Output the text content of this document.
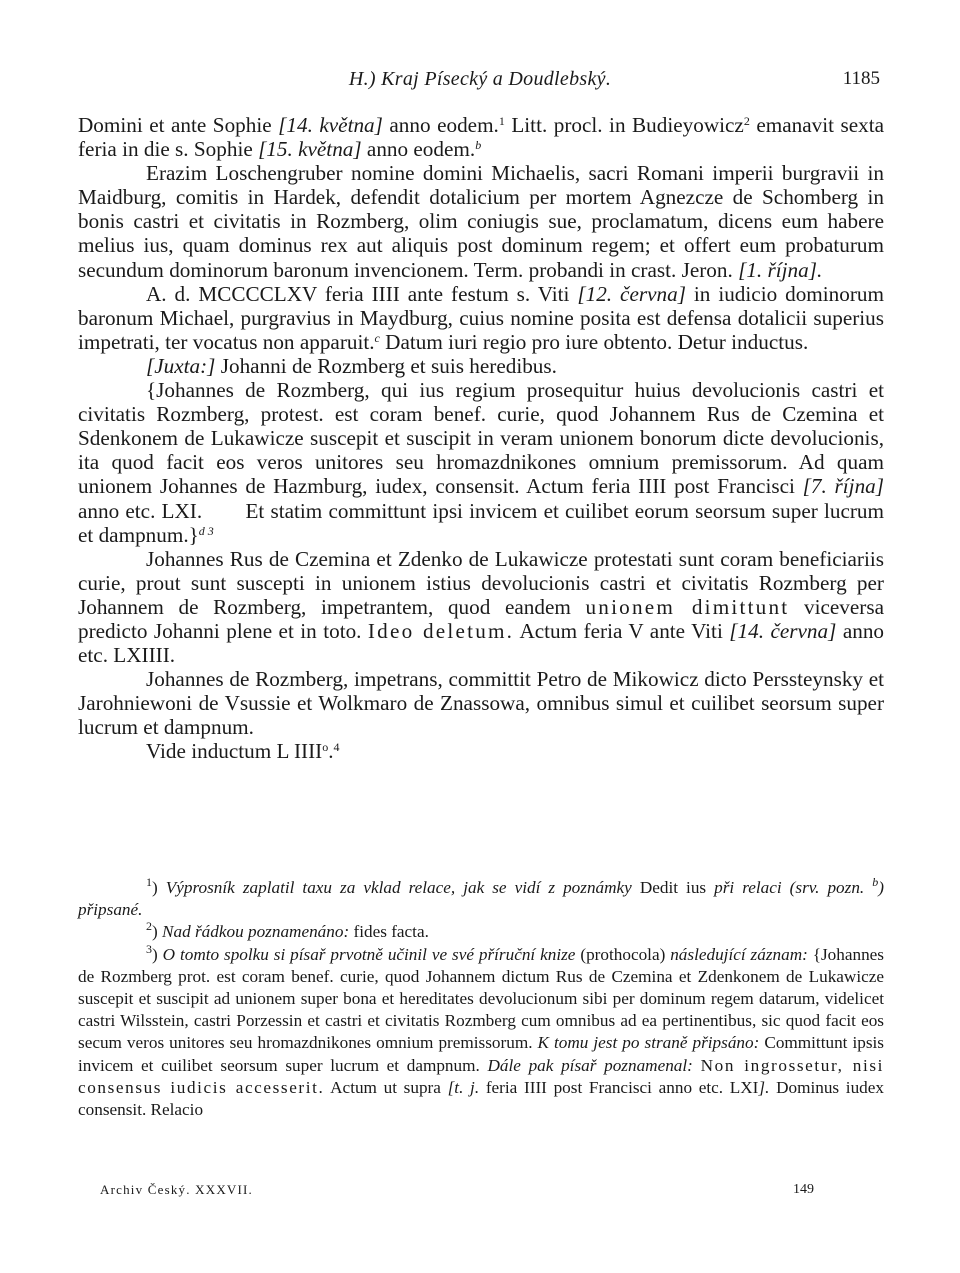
H.) Kraj Písecký a Doudlebský.	1185

Domini et ante Sophie [14. května] anno eodem.$^1$ Litt. procl. in Budieyowicz$^2$ emanavit sexta feria in die s. Sophie [15. května] anno eodem.$^b$

Erazim Loschengruber nomine domini Michaelis, sacri Romani imperii burgravii in Maidburg, comitis in Hardek, defendit dotalicium per mortem Agnezcze de Schomberg in bonis castri et civitatis in Rozmberg, olim coniugis sue, proclamatum, dicens eum habere melius ius, quam dominus rex aut aliquis post dominum regem; et offert eum probaturum secundum dominorum baronum invencionem. Term. probandi in crast. Jeron. [1. října].

A. d. MCCCCLXV feria IIII ante festum s. Viti [12. června] in iudicio dominorum baronum Michael, purgravius in Maydburg, cuius nomine posita est defensa dotalicii superius impetrati, ter vocatus non apparuit.$^c$ Datum iuri regio pro iure obtento. Detur inductus.

[Juxta:] Johanni de Rozmberg et suis heredibus.

{Johannes de Rozmberg, qui ius regium prosequitur huius devolucionis castri et civitatis Rozmberg, protest. est coram benef. curie, quod Johannem Rus de Czemina et Sdenkonem de Lukawicze suscepit et suscipit in veram unionem bonorum dicte devolucionis, ita quod facit eos veros unitores seu hromazdnikones omnium premissorum. Ad quam unionem Johannes de Hazmburg, iudex, consensit. Actum feria IIII post Francisci [7. října] anno etc. LXI.       Et statim committunt ipsi invicem et cuilibet eorum seorsum super lucrum et dampnum.}$^{d 3}$

Johannes Rus de Czemina et Zdenko de Lukawicze protestati sunt coram beneficiariis curie, prout sunt suscepti in unionem istius devolucionis castri et civitatis Rozmberg per Johannem de Rozmberg, impetrantem, quod eandem unionem dimittunt viceversa predicto Johanni plene et in toto. Ideo deletum. Actum feria V ante Viti [14. června] anno etc. LXIIII.

Johannes de Rozmberg, impetrans, committit Petro de Mikowicz dicto Perssteynsky et Jarohniewoni de Vsussie et Wolkmaro de Znassowa, omnibus simul et cuilibet seorsum super lucrum et dampnum.

Vide inductum L IIII$^o$.$^4$

$^1$) Výprosník zaplatil taxu za vklad relace, jak se vidí z poznámky Dedit ius při relaci (srv. pozn. $^b$) připsané.

$^2$) Nad řádkou poznamenáno: fides facta.

$^3$) O tomto spolku si písař prvotně učinil ve své příruční knize (prothocola) následující záznam: {Johannes de Rozmberg prot. est coram benef. curie, quod Johannem dictum Rus de Czemina et Zdenkonem de Lukawicze suscepit et suscipit ad unionem super bona et hereditates devolucionum sibi per dominum regem datarum, videlicet castri Wilsstein, castri Porzessin et castri et civitatis Rozmberg cum omnibus ad ea pertinentibus, sic quod facit eos secum veros unitores seu hromazdnikones omnium premissorum. K tomu jest po straně připsáno: Committunt ipsis invicem et cuilibet seorsum super lucrum et dampnum. Dále pak písař poznamenal: Non ingrossetur, nisi consensus iudicis accesserit. Actum ut supra [t. j. feria IIII post Francisci anno etc. LXI]. Dominus iudex consensit. Relacio

Archiv Český. XXXVII.	149
